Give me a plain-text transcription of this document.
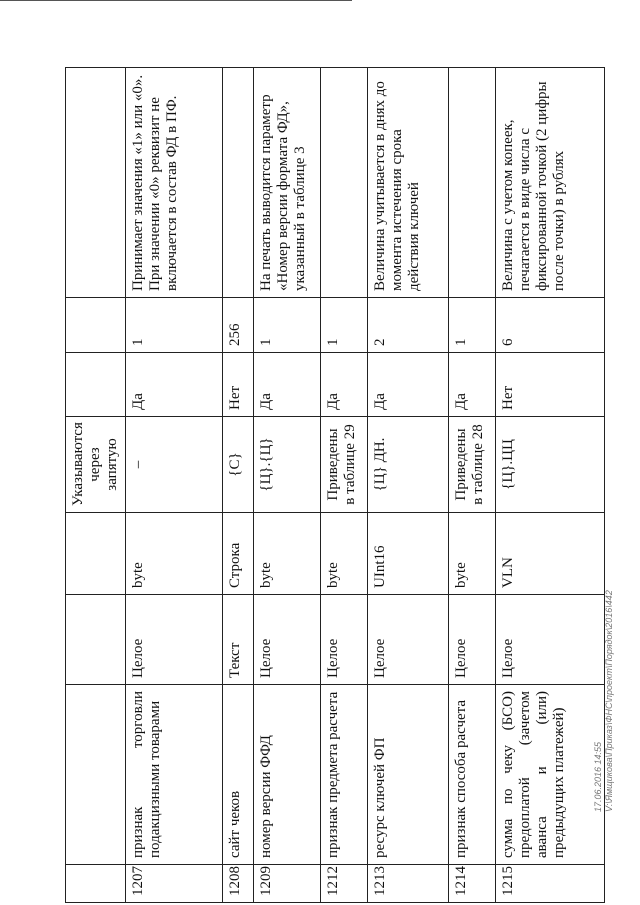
				Указываются через запятую			
1207	признак торговли подакцизными товарами	Целое	byte	–	Да	1	Принимает значения «1» или «0». При значении «0» реквизит не включается в состав ФД в ПФ.
1208	сайт чеков	Текст	Строка	{С}	Нет	256	
1209	номер версии ФФД	Целое	byte	{Ц}.{Ц}	Да	1	На печать выводится параметр «Номер версии формата ФД», указанный в таблице 3
1212	признак предмета расчета	Целое	byte	Приведены в таблице 29	Да	1	
1213	ресурс ключей ФП	Целое	UInt16	{Ц} ДН.	Да	2	Величина учитывается в днях до момента истечения срока действия ключей
1214	признак способа расчета	Целое	byte	Приведены в таблице 28	Да	1	
1215	сумма по чеку (БСО) предоплатой (зачетом аванса и (или) предыдущих платежей)	Целое	VLN	{Ц}.ЦЦ	Нет	6	Величина с учетом копеек, печатается в виде числа с фиксированной точкой (2 цифры после точки) в рублях
17.06.2016 14:55 V:\Ямщикова\Приказ\ФНС\проект\Порядок\2016\442
